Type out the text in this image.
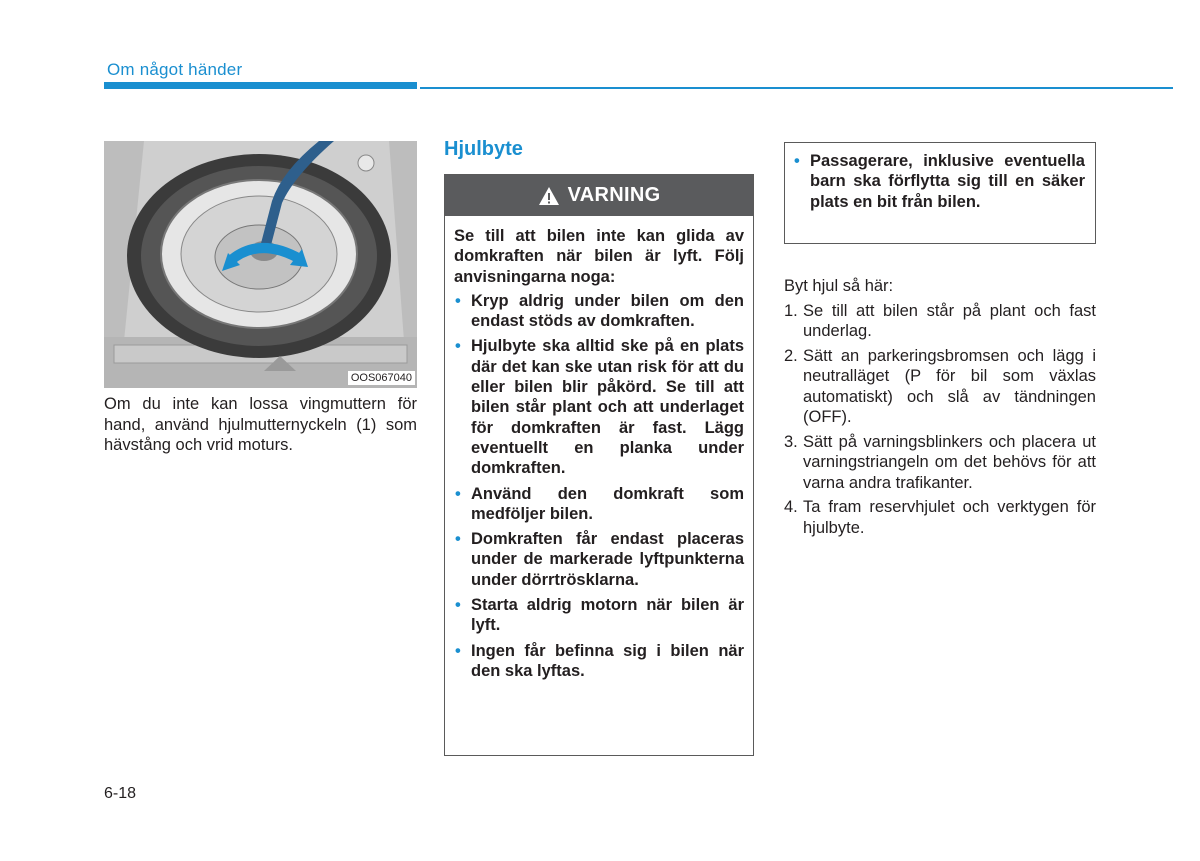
Om något händer
OOS067040
Om du inte kan lossa vingmuttern för hand, använd hjulmutternyckeln (1) som hävstång och vrid moturs.
Hjulbyte
VARNING

Se till att bilen inte kan glida av domkraften när bilen är lyft. Följ anvisningarna noga:

• Kryp aldrig under bilen om den endast stöds av domkraften.
• Hjulbyte ska alltid ske på en plats där det kan ske utan risk för att du eller bilen blir påkörd. Se till att bilen står plant och att underlaget för domkraften är fast. Lägg eventuellt en planka under domkraften.
• Använd den domkraft som medföljer bilen.
• Domkraften får endast placeras under de markerade lyftpunkterna under dörrtrösklarna.
• Starta aldrig motorn när bilen är lyft.
• Ingen får befinna sig i bilen när den ska lyftas.
• Passagerare, inklusive eventuella barn ska förflytta sig till en säker plats en bit från bilen.

Byt hjul så här:

1. Se till att bilen står på plant och fast underlag.
2. Sätt an parkeringsbromsen och lägg i neutralläget (P för bil som växlas automatiskt) och slå av tändningen (OFF).
3. Sätt på varningsblinkers och placera ut varningstriangeln om det behövs för att varna andra trafikanter.
4. Ta fram reservhjulet och verktygen för hjulbyte.
6-18
